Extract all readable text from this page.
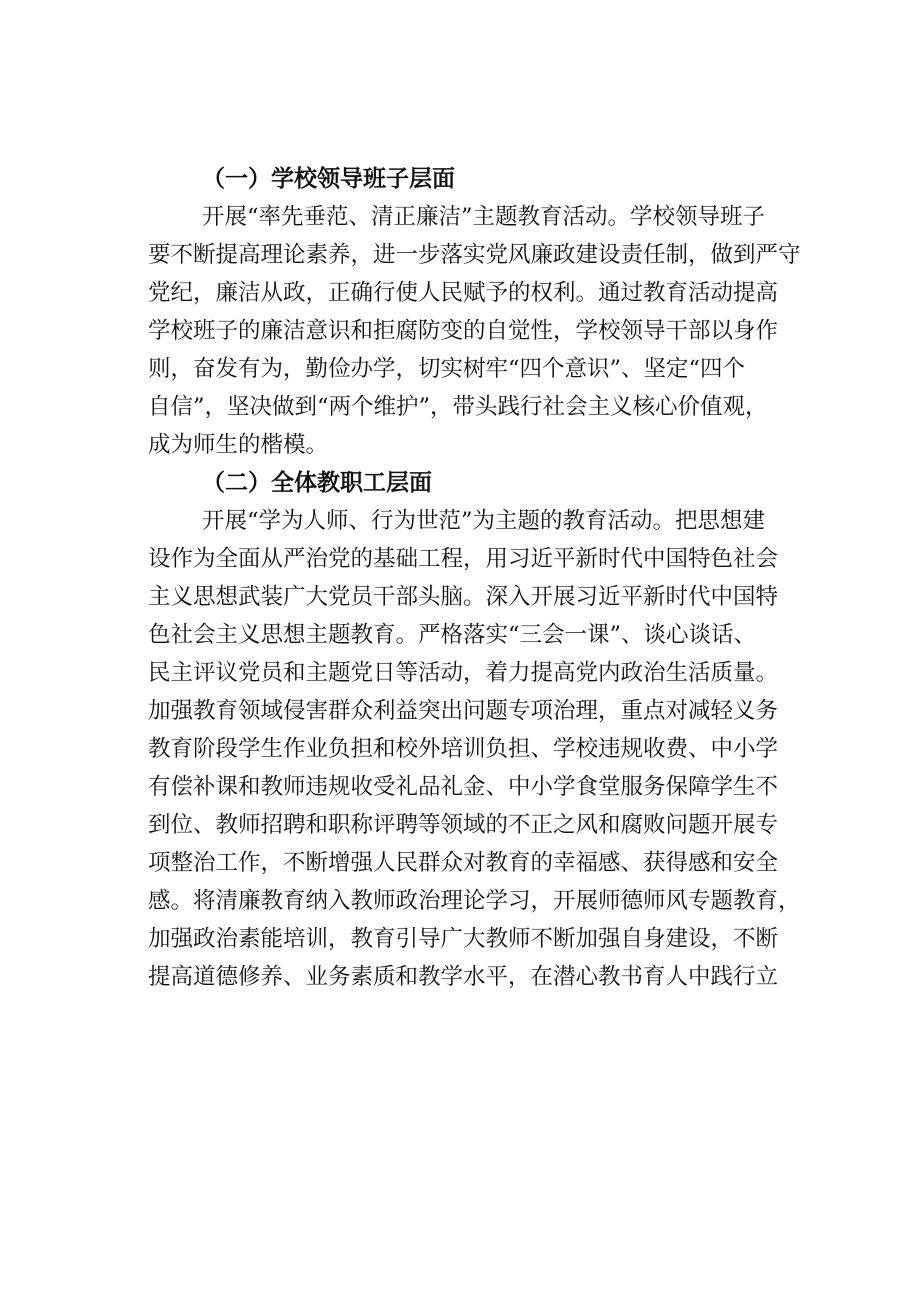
（一）学校领导班子层面
开展“率先垂范、清正廉洁”主题教育活动。学校领导班子
要不断提高理论素养，进一步落实党风廉政建设责任制，做到严守
党纪，廉洁从政，正确行使人民赋予的权利。通过教育活动提高
学校班子的廉洁意识和拒腐防变的自觉性，学校领导干部以身作
则，奋发有为，勤俭办学，切实树牢“四个意识”、坚定“四个
自信”，坚决做到“两个维护”，带头践行社会主义核心价值观，
成为师生的楷模。
（二）全体教职工层面
开展“学为人师、行为世范”为主题的教育活动。把思想建
设作为全面从严治党的基础工程，用习近平新时代中国特色社会
主义思想武装广大党员干部头脑。深入开展习近平新时代中国特
色社会主义思想主题教育。严格落实“三会一课”、谈心谈话、
民主评议党员和主题党日等活动，着力提高党内政治生活质量。
加强教育领域侵害群众利益突出问题专项治理，重点对减轻义务
教育阶段学生作业负担和校外培训负担、学校违规收费、中小学
有偿补课和教师违规收受礼品礼金、中小学食堂服务保障学生不
到位、教师招聘和职称评聘等领域的不正之风和腐败问题开展专
项整治工作，不断增强人民群众对教育的幸福感、获得感和安全
感。将清廉教育纳入教师政治理论学习，开展师德师风专题教育，
加强政治素能培训，教育引导广大教师不断加强自身建设，不断
提高道德修养、业务素质和教学水平，在潜心教书育人中践行立
